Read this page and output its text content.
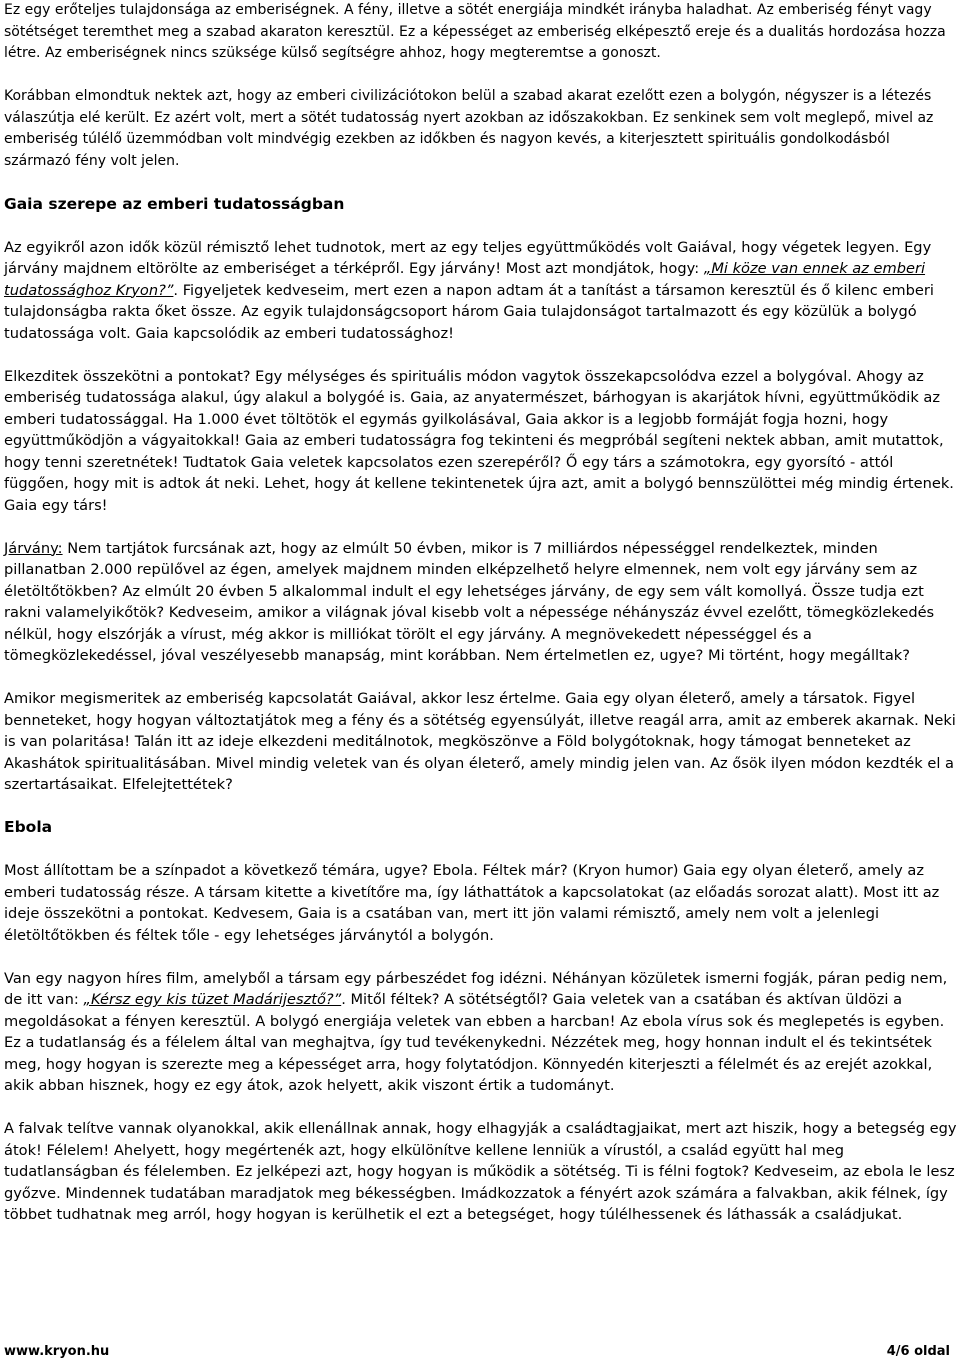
Ez egy erőteljes tulajdonsága az emberiségnek. A fény, illetve a sötét energiája mindkét irányba haladhat. Az emberiség fényt vagy sötétséget teremthet meg a szabad akaraton keresztül. Ez a képességet az emberiség elképesztő ereje és a dualitás hordozása hozza létre. Az emberiségnek nincs szüksége külső segítségre ahhoz, hogy megteremtse a gonoszt.

Korábban elmondtuk nektek azt, hogy az emberi civilizációtokon belül a szabad akarat ezelőtt ezen a bolygón, négyszer is a létezés válaszútja elé került. Ez azért volt, mert a sötét tudatosság nyert azokban az időszakokban. Ez senkinek sem volt meglepő, mivel az emberiség túlélő üzemmódban volt mindvégig ezekben az időkben és nagyon kevés, a kiterjesztett spirituális gondolkodásból származó fény volt jelen.

Gaia szerepe az emberi tudatosságban

Az egyikről azon idők közül rémisztő lehet tudnotok, mert az egy teljes együttműködés volt Gaiával, hogy végetek legyen. Egy járvány majdnem eltörölte az emberiséget a térképről. Egy járvány! Most azt mondjátok, hogy: „Mi köze van ennek az emberi tudatossághoz Kryon?”. Figyeljetek kedveseim, mert ezen a napon adtam át a tanítást a társamon keresztül és ő kilenc emberi tulajdonságba rakta őket össze. Az egyik tulajdonságcsoport három Gaia tulajdonságot tartalmazott és egy közülük a bolygó tudatossága volt. Gaia kapcsolódik az emberi tudatossághoz!

Elkezditek összekötni a pontokat? Egy mélységes és spirituális módon vagytok összekapcsolódva ezzel a bolygóval. Ahogy az emberiség tudatossága alakul, úgy alakul a bolygóé is. Gaia, az anyatermészet, bárhogyan is akarjátok hívni, együttműködik az emberi tudatossággal. Ha 1.000 évet töltötök el egymás gyilkolásával, Gaia akkor is a legjobb formáját fogja hozni, hogy együttműködjön a vágyaitokkal! Gaia az emberi tudatosságra fog tekinteni és megpróbál segíteni nektek abban, amit mutattok, hogy tenni szeretnétek! Tudtatok Gaia veletek kapcsolatos ezen szerepéről? Ő egy társ a számotokra, egy gyorsító - attól függően, hogy mit is adtok át neki. Lehet, hogy át kellene tekintenetek újra azt, amit a bolygó bennszülöttei még mindig értenek. Gaia egy társ!

Járvány: Nem tartjátok furcsának azt, hogy az elmúlt 50 évben, mikor is 7 milliárdos népességgel rendelkeztek, minden pillanatban 2.000 repülővel az égen, amelyek majdnem minden elképzelhető helyre elmennek, nem volt egy járvány sem az életöltőtökben? Az elmúlt 20 évben 5 alkalommal indult el egy lehetséges járvány, de egy sem vált komollyá. Össze tudja ezt rakni valamelyikőtök? Kedveseim, amikor a világnak jóval kisebb volt a népessége néhányszáz évvel ezelőtt, tömegközlekedés nélkül, hogy elszórják a vírust, még akkor is milliókat törölt el egy járvány. A megnövekedett népességgel és a tömegközlekedéssel, jóval veszélyesebb manapság, mint korábban. Nem értelmetlen ez, ugye? Mi történt, hogy megálltak?

Amikor megismeritek az emberiség kapcsolatát Gaiával, akkor lesz értelme. Gaia egy olyan életerő, amely a társatok. Figyel benneteket, hogy hogyan változtatjátok meg a fény és a sötétség egyensúlyát, illetve reagál arra, amit az emberek akarnak. Neki is van polaritása! Talán itt az ideje elkezdeni meditálnotok, megköszönve a Föld bolygótoknak, hogy támogat benneteket az Akashátok spiritualitásában. Mivel mindig veletek van és olyan életerő, amely mindig jelen van. Az ősök ilyen módon kezdték el a szertartásaikat. Elfelejtettétek?

Ebola

Most állítottam be a színpadot a következő témára, ugye? Ebola. Féltek már? (Kryon humor) Gaia egy olyan életerő, amely az emberi tudatosság része. A társam kitette a kivetítőre ma, így láthattátok a kapcsolatokat (az előadás sorozat alatt). Most itt az ideje összekötni a pontokat. Kedvesem, Gaia is a csatában van, mert itt jön valami rémisztő, amely nem volt a jelenlegi életöltőtökben és féltek tőle - egy lehetséges járványtól a bolygón.

Van egy nagyon híres film, amelyből a társam egy párbeszédet fog idézni. Néhányan közületek ismerni fogják, páran pedig nem, de itt van: „Kérsz egy kis tüzet Madárijesztő?”. Mitől féltek? A sötétségtől? Gaia veletek van a csatában és aktívan üldözi a megoldásokat a fényen keresztül. A bolygó energiája veletek van ebben a harcban! Az ebola vírus sok és meglepetés is egyben. Ez a tudatlanság és a félelem által van meghajtva, így tud tevékenykedni. Nézzétek meg, hogy honnan indult el és tekintsétek meg, hogy hogyan is szerezte meg a képességet arra, hogy folytatódjon. Könnyedén kiterjeszti a félelmét és az erejét azokkal, akik abban hisznek, hogy ez egy átok, azok helyett, akik viszont értik a tudományt.

A falvak telítve vannak olyanokkal, akik ellenállnak annak, hogy elhagyják a családtagjaikat, mert azt hiszik, hogy a betegség egy átok! Félelem! Ahelyett, hogy megértenék azt, hogy elkülönítve kellene lenniük a vírustól, a család együtt hal meg tudatlanságban és félelemben. Ez jelképezi azt, hogy hogyan is működik a sötétség. Ti is félni fogtok? Kedveseim, az ebola le lesz győzve. Mindennek tudatában maradjatok meg békességben. Imádkozzatok a fényért azok számára a falvakban, akik félnek, így többet tudhatnak meg arról, hogy hogyan is kerülhetik el ezt a betegséget, hogy túlélhessenek és láthassák a családjukat.

www.kryon.hu	4/6 oldal
